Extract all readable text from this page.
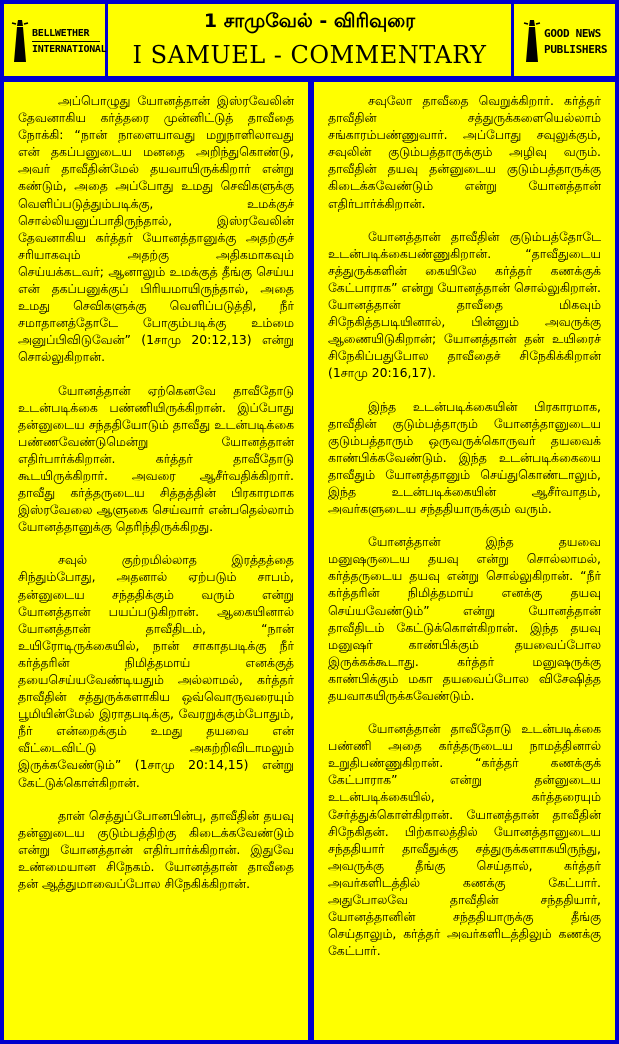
BELLWETHER
INTERNATIONAL
1 சாமுவேல் - விரிவுரை
I SAMUEL - COMMENTARY
GOOD NEWS
PUBLISHERS

அப்பொழுது யோனத்தான் இஸ்ரவேலின் தேவனாகிய கர்த்தரை முன்னிட்டுத் தாவீதை நோக்கி: “நான் நாளையாவது மறுநாளிலாவது என் தகப்பனுடைய மனதை அறிந்துகொண்டு, அவர் தாவீதின்மேல் தயவாயிருக்கிறார் என்று கண்டும், அதை அப்போது உமது செவிகளுக்கு வெளிப்படுத்தும்படிக்கு, உமக்குச் சொல்லியனுப்பாதிருந்தால், இஸ்ரவேலின் தேவனாகிய கர்த்தர் யோனத்தானுக்கு அதற்குச் சரியாகவும் அதற்கு அதிகமாகவும் செய்யக்கடவர்; ஆனாலும் உமக்குத் தீங்கு செய்ய என் தகப்பனுக்குப் பிரியமாயிருந்தால், அதை உமது செவிகளுக்கு வெளிப்படுத்தி, நீர் சமாதானத்தோடே போகும்படிக்கு உம்மை அனுப்பிவிடுவேன்” (1சாமு 20:12,13) என்று சொல்லுகிறான்.

யோனத்தான் ஏற்கெனவே தாவீதோடு உடன்படிக்கை பண்ணியிருக்கிறான். இப்போது தன்னுடைய சந்ததியோடும் தாவீது உடன்படிக்கை பண்ணவேண்டுமென்று யோனத்தான் எதிர்பார்க்கிறான். கர்த்தர் தாவீதோடு கூடயிருக்கிறார். அவரை ஆசீர்வதிக்கிறார். தாவீது கர்த்தருடைய சித்தத்தின் பிரகாரமாக இஸ்ரவேலை ஆளுகை செய்வார் என்பதெல்லாம் யோனத்தானுக்கு தெரிந்திருக்கிறது.

சவுல் குற்றமில்லாத இரத்தத்தை சிந்தும்போது, அதனால் ஏற்படும் சாபம், தன்னுடைய சந்ததிக்கும் வரும் என்று யோனத்தான் பயப்படுகிறான். ஆகையினால் யோனத்தான் தாவீதிடம், “நான் உயிரோடிருக்கையில், நான் சாகாதபடிக்கு நீர் கர்த்தரின் நிமித்தமாய் எனக்குத் தயைசெய்யவேண்டியதும் அல்லாமல், கர்த்தர் தாவீதின் சத்துருக்களாகிய ஒவ்வொருவரையும் பூமியின்மேல் இராதபடிக்கு, வேரறுக்கும்போதும், நீர் என்றைக்கும் உமது தயவை என் வீட்டைவிட்டு அகற்றிவிடாமலும் இருக்கவேண்டும்” (1சாமு 20:14,15) என்று கேட்டுக்கொள்கிறான்.

தான் செத்துப்போனபின்பு, தாவீதின் தயவு தன்னுடைய குடும்பத்திற்கு கிடைக்கவேண்டும் என்று யோனத்தான் எதிர்பார்க்கிறான். இதுவே உண்மையான சிநேகம். யோனத்தான் தாவீதை தன் ஆத்துமாவைப்போல சிநேகிக்கிறான்.

சவுலோ தாவீதை வெறுக்கிறார். கர்த்தர் தாவீதின் சத்துருக்களையெல்லாம் சங்காரம்பண்ணுவார். அப்போது சவுலுக்கும், சவுலின் குடும்பத்தாருக்கும் அழிவு வரும். தாவீதின் தயவு தன்னுடைய குடும்பத்தாருக்கு கிடைக்கவேண்டும் என்று யோனத்தான் எதிர்பார்க்கிறான்.

யோனத்தான் தாவீதின் குடும்பத்தோடே உடன்படிக்கைபண்ணுகிறான். “தாவீதுடைய சத்துருக்களின் கையிலே கர்த்தர் கணக்குக் கேட்பாராக” என்று யோனத்தான் சொல்லுகிறான். யோனத்தான் தாவீதை மிகவும் சிநேகித்தபடியினால், பின்னும் அவருக்கு ஆணையிடுகிறான்; யோனத்தான் தன் உயிரைச் சிநேகிப்பதுபோல தாவீதைச் சிநேகிக்கிறான் (1சாமு 20:16,17).

இந்த உடன்படிக்கையின் பிரகாரமாக, தாவீதின் குடும்பத்தாரும் யோனத்தானுடைய குடும்பத்தாரும் ஒருவருக்கொருவர் தயவைக் காண்பிக்கவேண்டும். இந்த உடன்படிக்கையை தாவீதும் யோனத்தானும் செய்துகொண்டாலும், இந்த உடன்படிக்கையின் ஆசீர்வாதம், அவர்களுடைய சந்ததியாருக்கும் வரும்.

யோனத்தான் இந்த தயவை மனுஷருடைய தயவு என்று சொல்லாமல், கர்த்தருடைய தயவு என்று சொல்லுகிறான். “நீர் கர்த்தரின் நிமித்தமாய் எனக்கு தயவு செய்யவேண்டும்” என்று யோனத்தான் தாவீதிடம் கேட்டுக்கொள்கிறான். இந்த தயவு மனுஷர் காண்பிக்கும் தயவைப்போல இருக்கக்கூடாது. கர்த்தர் மனுஷருக்கு காண்பிக்கும் மகா தயவைப்போல விசேஷித்த தயவாகயிருக்கவேண்டும்.

யோனத்தான் தாவீதோடு உடன்படிக்கை பண்ணி அதை கர்த்தருடைய நாமத்தினால் உறுதிபண்ணுகிறான். “கர்த்தர் கணக்குக் கேட்பாராக” என்று தன்னுடைய உடன்படிக்கையில், கர்த்தரையும் சேர்த்துக்கொள்கிறான். யோனத்தான் தாவீதின் சிநேகிதன். பிற்காலத்தில் யோனத்தானுடைய சந்ததியார் தாவீதுக்கு சத்துருக்களாகயிருந்து, அவருக்கு தீங்கு செய்தால், கர்த்தர் அவர்களிடத்தில் கணக்கு கேட்பார். அதுபோலவே தாவீதின் சந்ததியார், யோனத்தானின் சந்ததியாருக்கு தீங்கு செய்தாலும், கர்த்தர் அவர்களிடத்திலும் கணக்கு கேட்பார்.
